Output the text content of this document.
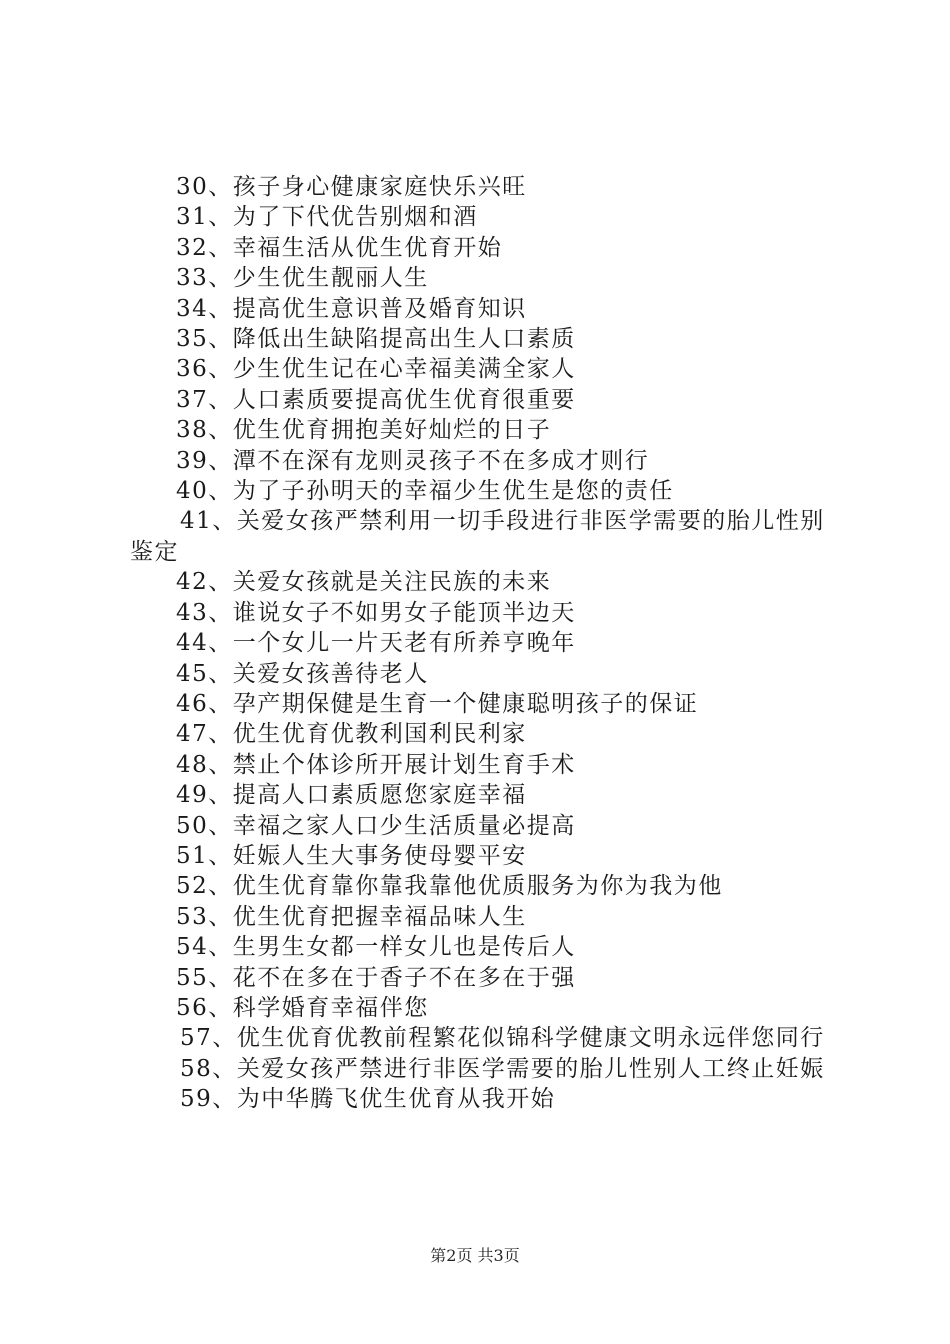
30、孩子身心健康家庭快乐兴旺
31、为了下代优告别烟和酒
32、幸福生活从优生优育开始
33、少生优生靓丽人生
34、提高优生意识普及婚育知识
35、降低出生缺陷提高出生人口素质
36、少生优生记在心幸福美满全家人
37、人口素质要提高优生优育很重要
38、优生优育拥抱美好灿烂的日子
39、潭不在深有龙则灵孩子不在多成才则行
40、为了子孙明天的幸福少生优生是您的责任
41、关爱女孩严禁利用一切手段进行非医学需要的胎儿性别鉴定
42、关爱女孩就是关注民族的未来
43、谁说女子不如男女子能顶半边天
44、一个女儿一片天老有所养亨晚年
45、关爱女孩善待老人
46、孕产期保健是生育一个健康聪明孩子的保证
47、优生优育优教利国利民利家
48、禁止个体诊所开展计划生育手术
49、提高人口素质愿您家庭幸福
50、幸福之家人口少生活质量必提高
51、妊娠人生大事务使母婴平安
52、优生优育靠你靠我靠他优质服务为你为我为他
53、优生优育把握幸福品味人生
54、生男生女都一样女儿也是传后人
55、花不在多在于香子不在多在于强
56、科学婚育幸福伴您
57、优生优育优教前程繁花似锦科学健康文明永远伴您同行
58、关爱女孩严禁进行非医学需要的胎儿性别人工终止妊娠
59、为中华腾飞优生优育从我开始
第2页 共3页
